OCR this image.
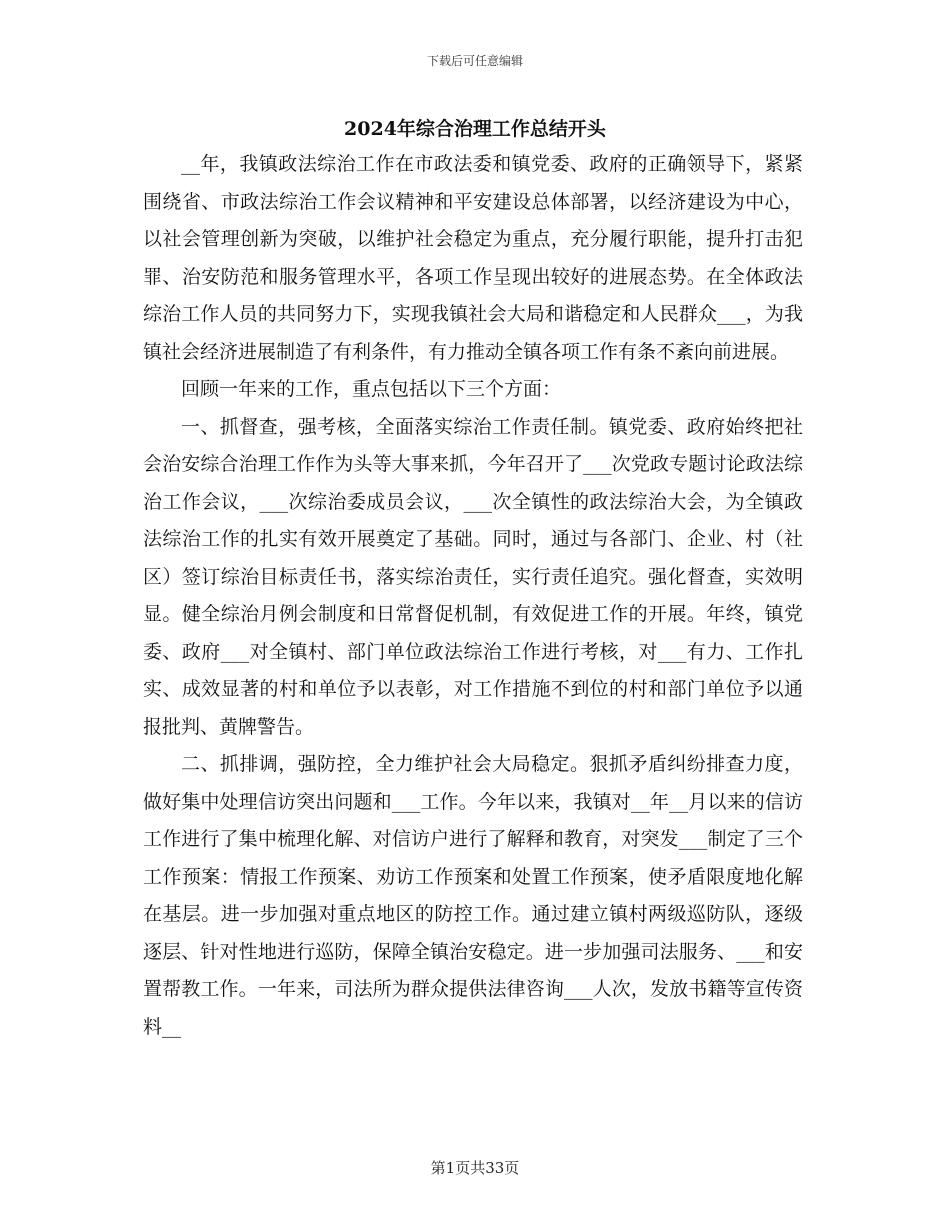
下载后可任意编辑
2024年综合治理工作总结开头

__年，我镇政法综治工作在市政法委和镇党委、政府的正确领导下，紧紧围绕省、市政法综治工作会议精神和平安建设总体部署，以经济建设为中心，以社会管理创新为突破，以维护社会稳定为重点，充分履行职能，提升打击犯罪、治安防范和服务管理水平，各项工作呈现出较好的进展态势。在全体政法综治工作人员的共同努力下，实现我镇社会大局和谐稳定和人民群众___，为我镇社会经济进展制造了有利条件，有力推动全镇各项工作有条不紊向前进展。

回顾一年来的工作，重点包括以下三个方面：

一、抓督查，强考核，全面落实综治工作责任制。镇党委、政府始终把社会治安综合治理工作作为头等大事来抓，今年召开了___次党政专题讨论政法综治工作会议，___次综治委成员会议，___次全镇性的政法综治大会，为全镇政法综治工作的扎实有效开展奠定了基础。同时，通过与各部门、企业、村（社区）签订综治目标责任书，落实综治责任，实行责任追究。强化督查，实效明显。健全综治月例会制度和日常督促机制，有效促进工作的开展。年终，镇党委、政府___对全镇村、部门单位政法综治工作进行考核，对___有力、工作扎实、成效显著的村和单位予以表彰，对工作措施不到位的村和部门单位予以通报批判、黄牌警告。

二、抓排调，强防控，全力维护社会大局稳定。狠抓矛盾纠纷排查力度，做好集中处理信访突出问题和___工作。今年以来，我镇对__年__月以来的信访工作进行了集中梳理化解、对信访户进行了解释和教育，对突发___制定了三个工作预案：情报工作预案、劝访工作预案和处置工作预案，使矛盾限度地化解在基层。进一步加强对重点地区的防控工作。通过建立镇村两级巡防队，逐级逐层、针对性地进行巡防，保障全镇治安稳定。进一步加强司法服务、___和安置帮教工作。一年来，司法所为群众提供法律咨询___人次，发放书籍等宣传资料__

第1页共33页
